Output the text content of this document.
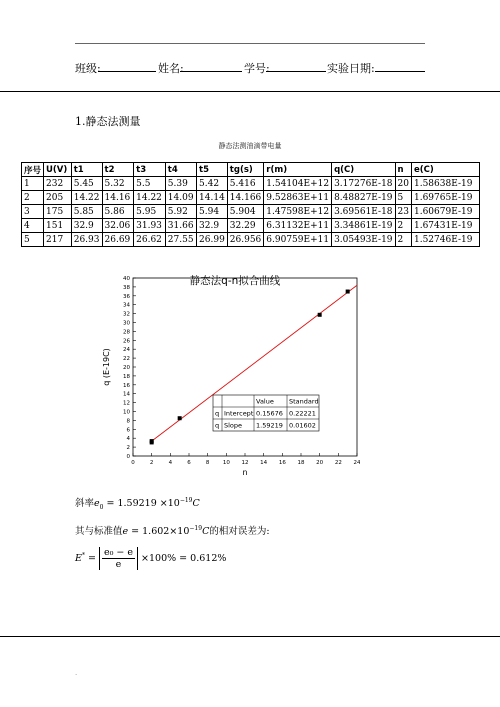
班级:	姓名:	学号:	实验日期:
1.静态法测量
静态法测油滴带电量
序号	U(V)	t1	t2	t3	t4	t5	tg(s)	r(m)	q(C)	n	e(C)
1	232	5.45	5.32	5.5	5.39	5.42	5.416	1.54104E+12	3.17276E-18	20	1.58638E-19
2	205	14.22	14.16	14.22	14.09	14.14	14.166	9.52863E+11	8.48827E-19	5	1.69765E-19
3	175	5.85	5.86	5.95	5.92	5.94	5.904	1.47598E+12	3.69561E-18	23	1.60679E-19
4	151	32.9	32.06	31.93	31.66	32.9	32.29	6.31132E+11	3.34861E-19	2	1.67431E-19
5	217	26.93	26.69	26.62	27.55	26.99	26.956	6.90759E+11	3.05493E-19	2	1.52746E-19
静态法q-n拟合曲线
0
2
4
6
8
10
12
14
16
18
20
22
24
26
28
30
32
34
36
38
40
0	2	4	6	8 10 12 14 16 18 20 22 24
Value Standard
q Intercept 0.15676 0.22221
q Slope 1.59219 0.01602
n
q (E-19C)
斜率$e_0 = 1.59219 \times 10^{-19}C$
其与标准值$e = 1.602\times 10^{-19}C$的相对误差为:
$E^* = \frac{\text{e₀ − e}}{e} \times 100\% = 0.612\%$
.
